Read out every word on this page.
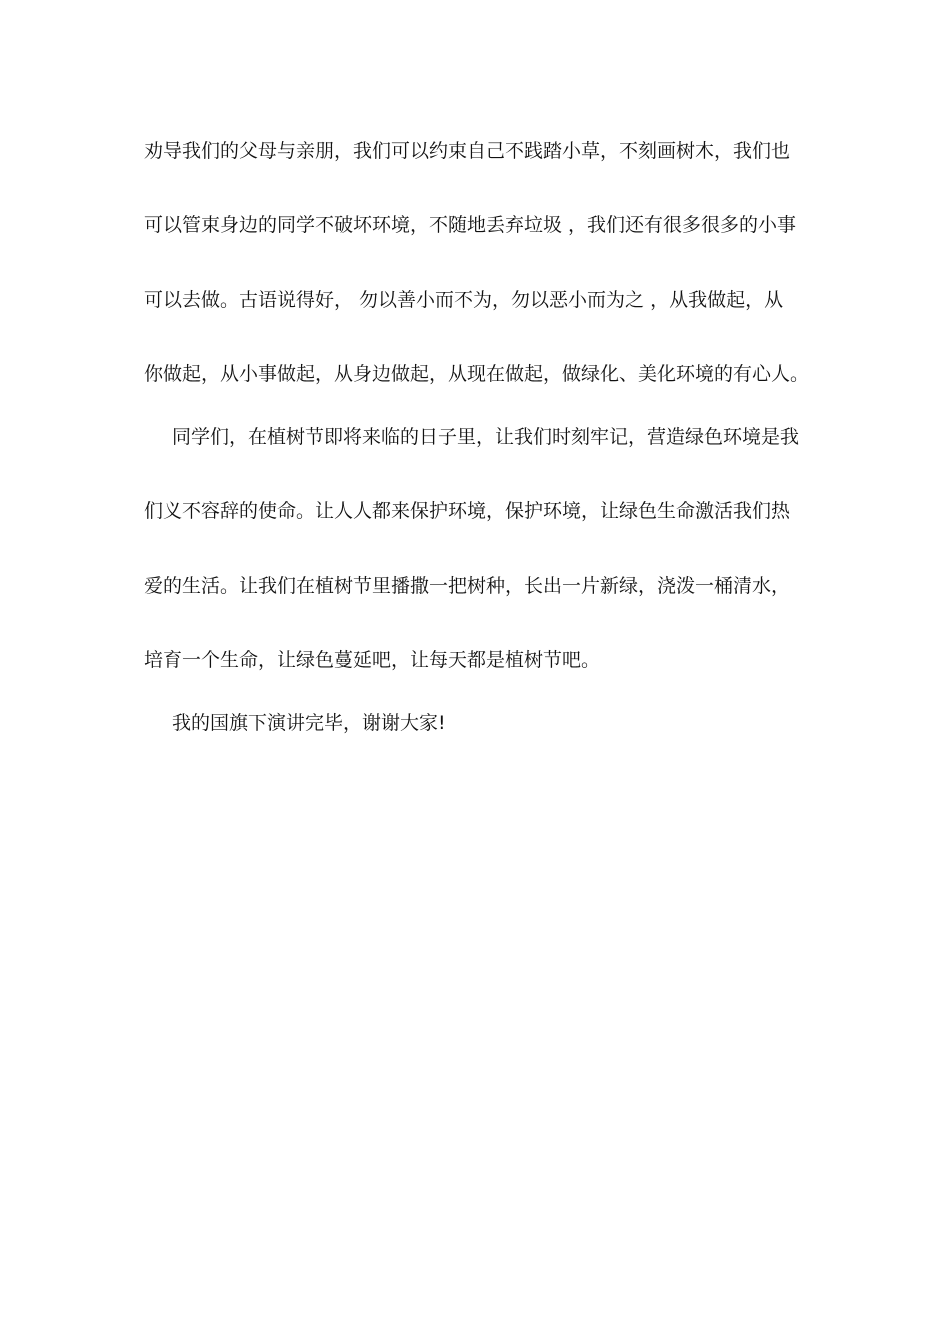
劝导我们的父母与亲朋，我们可以约束自己不践踏小草，不刻画树木，我们也
可以管束身边的同学不破坏环境，不随地丢弃垃圾 ，我们还有很多很多的小事
可以去做。古语说得好， 勿以善小而不为，勿以恶小而为之 ，从我做起，从
你做起，从小事做起，从身边做起，从现在做起，做绿化、美化环境的有心人。
同学们，在植树节即将来临的日子里，让我们时刻牢记，营造绿色环境是我
们义不容辞的使命。让人人都来保护环境，保护环境，让绿色生命激活我们热
爱的生活。让我们在植树节里播撒一把树种，长出一片新绿，浇泼一桶清水，
培育一个生命，让绿色蔓延吧，让每天都是植树节吧。
我的国旗下演讲完毕，谢谢大家!
